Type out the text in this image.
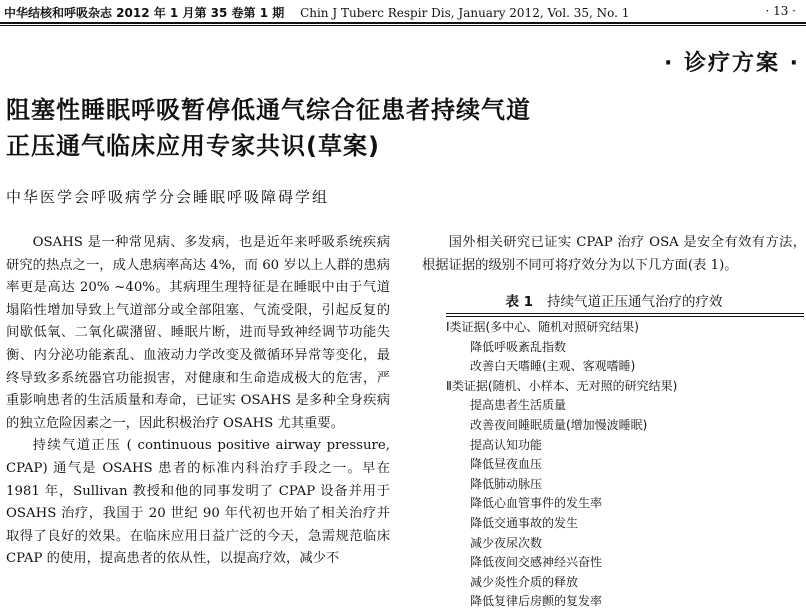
中华结核和呼吸杂志 2012 年 1 月第 35 卷第 1 期 Chin J Tuberc Respir Dis, January 2012, Vol. 35, No. 1	· 13 ·
· 诊疗方案 ·
阻塞性睡眠呼吸暂停低通气综合征患者持续气道
正压通气临床应用专家共识(草案)
中华医学会呼吸病学分会睡眠呼吸障碍学组

OSAHS 是一种常见病、多发病，也是近年来呼吸系统疾病研究的热点之一，成人患病率高达 4%，而 60 岁以上人群的患病率更是高达 20% ~40%。其病理生理特征是在睡眠中由于气道塌陷性增加导致上气道部分或全部阻塞、气流受限，引起反复的间歇低氧、二氧化碳潴留、睡眠片断，进而导致神经调节功能失衡、内分泌功能紊乱、血液动力学改变及微循环异常等变化，最终导致多系统器官功能损害，对健康和生命造成极大的危害，严重影响患者的生活质量和寿命，已证实 OSAHS 是多种全身疾病的独立危险因素之一，因此积极治疗 OSAHS 尤其重要。

持续气道正压 ( continuous positive airway pressure, CPAP) 通气是 OSAHS 患者的标准内科治疗手段之一。早在 1981 年，Sullivan 教授和他的同事发明了 CPAP 设备并用于 OSAHS 治疗，我国于 20 世纪 90 年代初也开始了相关治疗并取得了良好的效果。在临床应用日益广泛的今天，急需规范临床 CPAP 的使用，提高患者的依从性，以提高疗效，减少不

国外相关研究已证实 CPAP 治疗 OSA 是安全有效有方法，根据证据的级别不同可将疗效分为以下几方面(表 1)。

表 1 持续气道正压通气治疗的疗效
Ⅰ类证据(多中心、随机对照研究结果)
降低呼吸紊乱指数
改善白天嗜睡(主观、客观嗜睡)
Ⅱ类证据(随机、小样本、无对照的研究结果)
提高患者生活质量
改善夜间睡眠质量(增加慢波睡眠)
提高认知功能
降低昼夜血压
降低肺动脉压
降低心血管事件的发生率
降低交通事故的发生
减少夜尿次数
降低夜间交感神经兴奋性
减少炎性介质的释放
降低复律后房颤的复发率
